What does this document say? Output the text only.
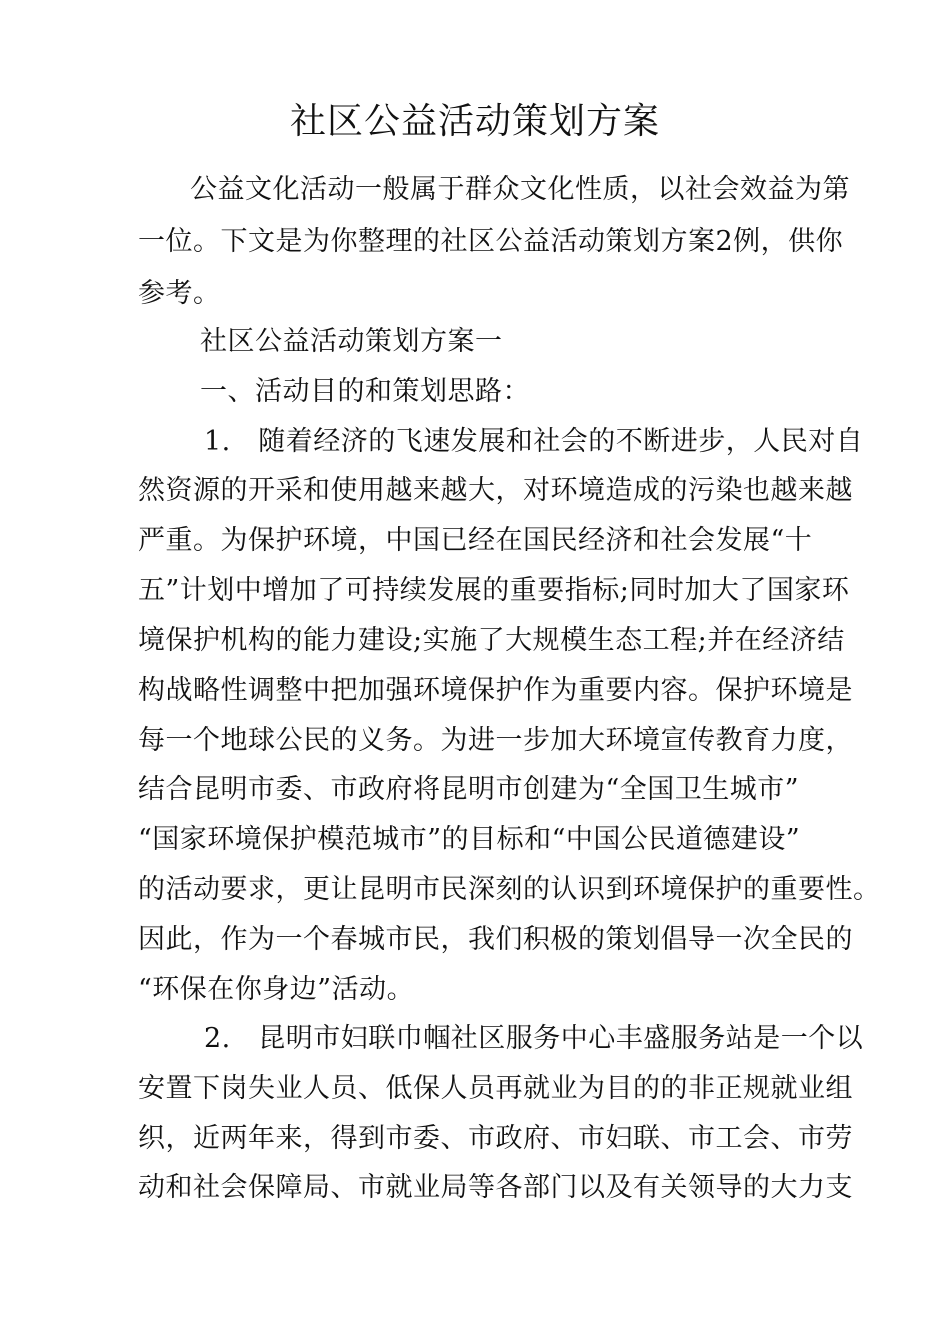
社区公益活动策划方案
公益文化活动一般属于群众文化性质，以社会效益为第
一位。下文是为你整理的社区公益活动策划方案2例，供你
参考。
社区公益活动策划方案一
一、活动目的和策划思路：
1.　随着经济的飞速发展和社会的不断进步，人民对自
然资源的开采和使用越来越大，对环境造成的污染也越来越
严重。为保护环境，中国已经在国民经济和社会发展“十
五”计划中增加了可持续发展的重要指标;同时加大了国家环
境保护机构的能力建设;实施了大规模生态工程;并在经济结
构战略性调整中把加强环境保护作为重要内容。保护环境是
每一个地球公民的义务。为进一步加大环境宣传教育力度，
结合昆明市委、市政府将昆明市创建为“全国卫生城市”
“国家环境保护模范城市”的目标和“中国公民道德建设”
的活动要求，更让昆明市民深刻的认识到环境保护的重要性。
因此，作为一个春城市民，我们积极的策划倡导一次全民的
“环保在你身边”活动。
2.　昆明市妇联巾帼社区服务中心丰盛服务站是一个以
安置下岗失业人员、低保人员再就业为目的的非正规就业组
织，近两年来，得到市委、市政府、市妇联、市工会、市劳
动和社会保障局、市就业局等各部门以及有关领导的大力支
